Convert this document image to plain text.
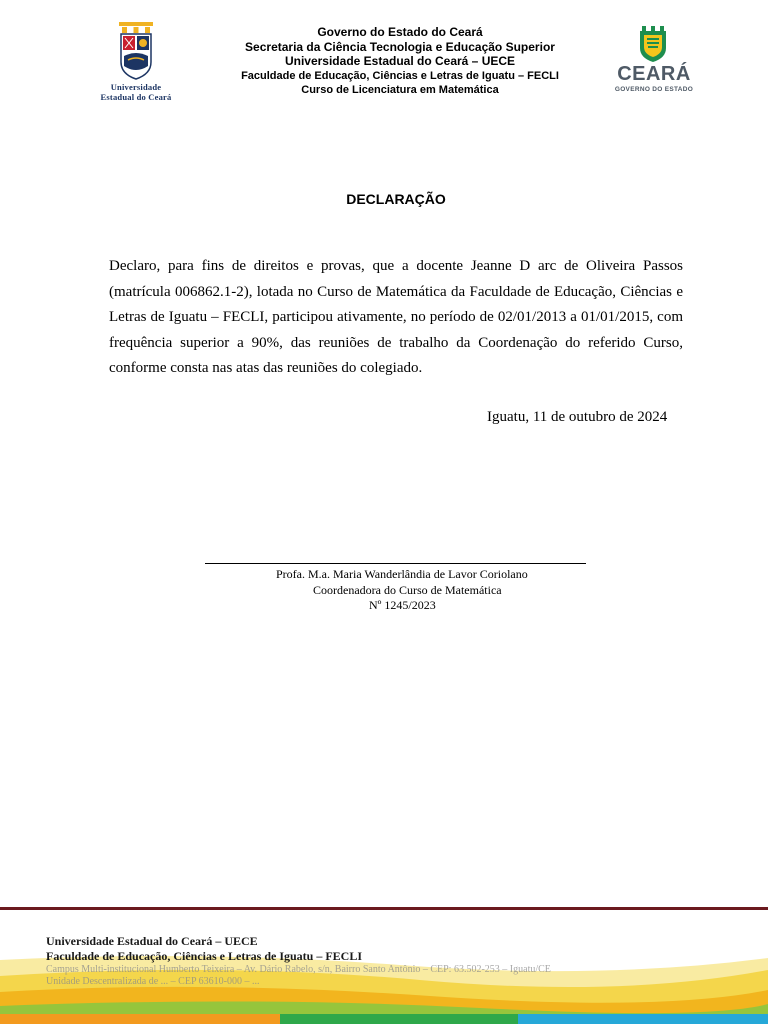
Universidade
Estadual do Ceará
Governo do Estado do Ceará
Secretaria da Ciência Tecnologia e Educação Superior
Universidade Estadual do Ceará – UECE
Faculdade de Educação, Ciências e Letras de Iguatu – FECLI
Curso de Licenciatura em Matemática
CEARÁ
GOVERNO DO ESTADO
DECLARAÇÃO
Declaro, para fins de direitos e provas, que a docente Jeanne D arc de Oliveira Passos (matrícula 006862.1-2), lotada no Curso de Matemática da Faculdade de Educação, Ciências e Letras de Iguatu – FECLI, participou ativamente, no período de 02/01/2013 a 01/01/2015, com frequência superior a 90%, das reuniões de trabalho da Coordenação do referido Curso, conforme consta nas atas das reuniões do colegiado.
Iguatu, 11 de outubro de 2024
Profa. M.a. Maria Wanderlândia de Lavor Coriolano
Coordenadora do Curso de Matemática
Nº 1245/2023
Universidade Estadual do Ceará – UECE
Faculdade de Educação, Ciências e Letras de Iguatu – FECLI
Campus Multi-institucional Humberto Teixeira – Av. Dário Rabelo, s/n, Bairro Santo Antônio – CEP: 63.502-253 – Iguatu/CE
Unidade Descentralizada de ... – CEP 63610-000 – ...
